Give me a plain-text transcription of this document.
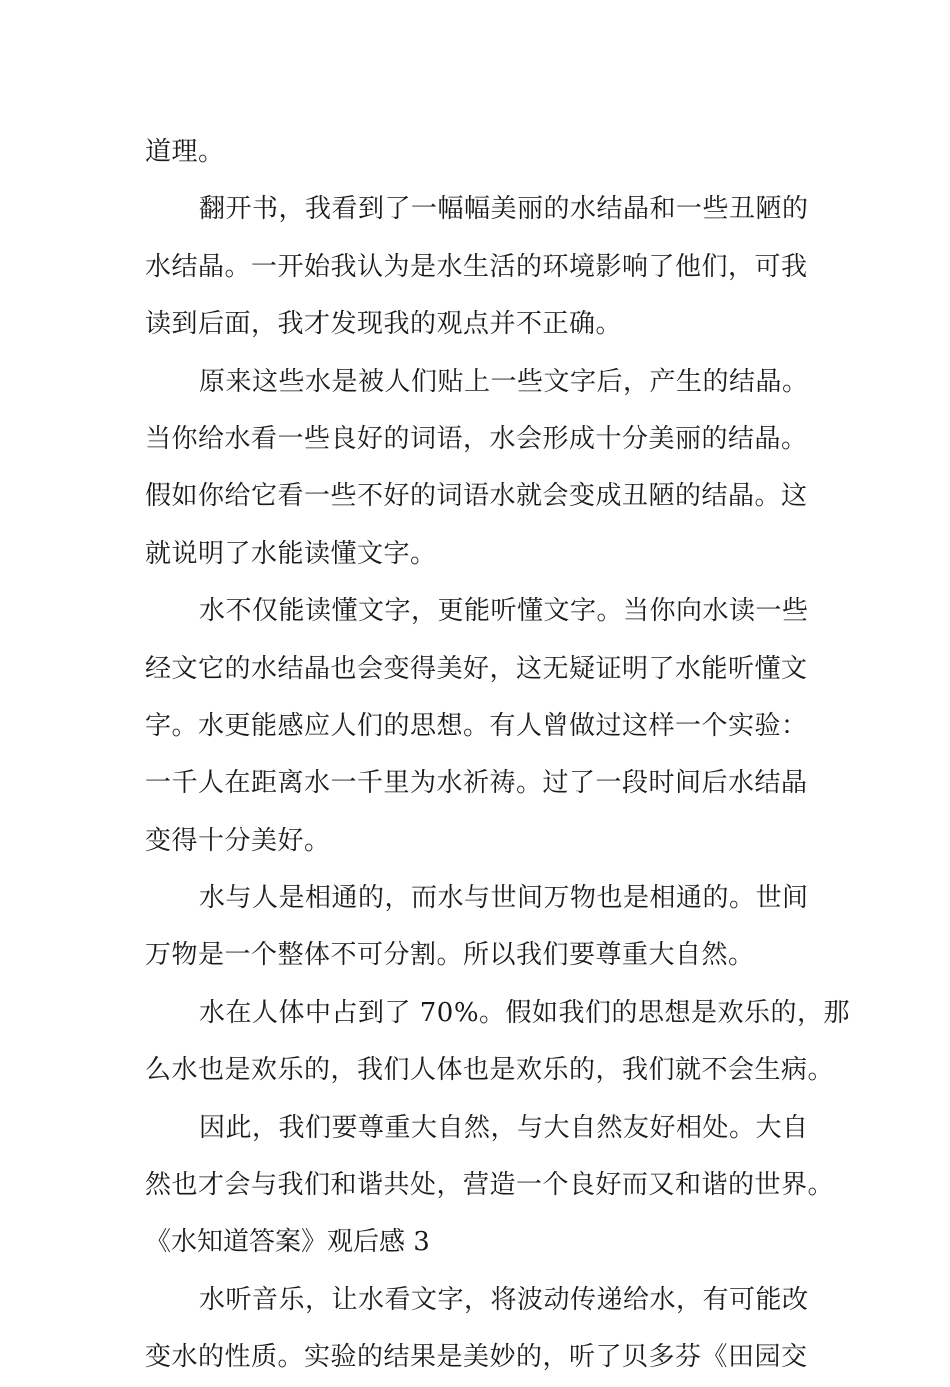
道理。
翻开书，我看到了一幅幅美丽的水结晶和一些丑陋的
水结晶。一开始我认为是水生活的环境影响了他们，可我
读到后面，我才发现我的观点并不正确。
原来这些水是被人们贴上一些文字后，产生的结晶。
当你给水看一些良好的词语，水会形成十分美丽的结晶。
假如你给它看一些不好的词语水就会变成丑陋的结晶。这
就说明了水能读懂文字。
水不仅能读懂文字，更能听懂文字。当你向水读一些
经文它的水结晶也会变得美好，这无疑证明了水能听懂文
字。水更能感应人们的思想。有人曾做过这样一个实验：
一千人在距离水一千里为水祈祷。过了一段时间后水结晶
变得十分美好。
水与人是相通的，而水与世间万物也是相通的。世间
万物是一个整体不可分割。所以我们要尊重大自然。
水在人体中占到了 70%。假如我们的思想是欢乐的，那
么水也是欢乐的，我们人体也是欢乐的，我们就不会生病。
因此，我们要尊重大自然，与大自然友好相处。大自
然也才会与我们和谐共处，营造一个良好而又和谐的世界。
《水知道答案》观后感 3
水听音乐，让水看文字，将波动传递给水，有可能改
变水的性质。实验的结果是美妙的，听了贝多芬《田园交
